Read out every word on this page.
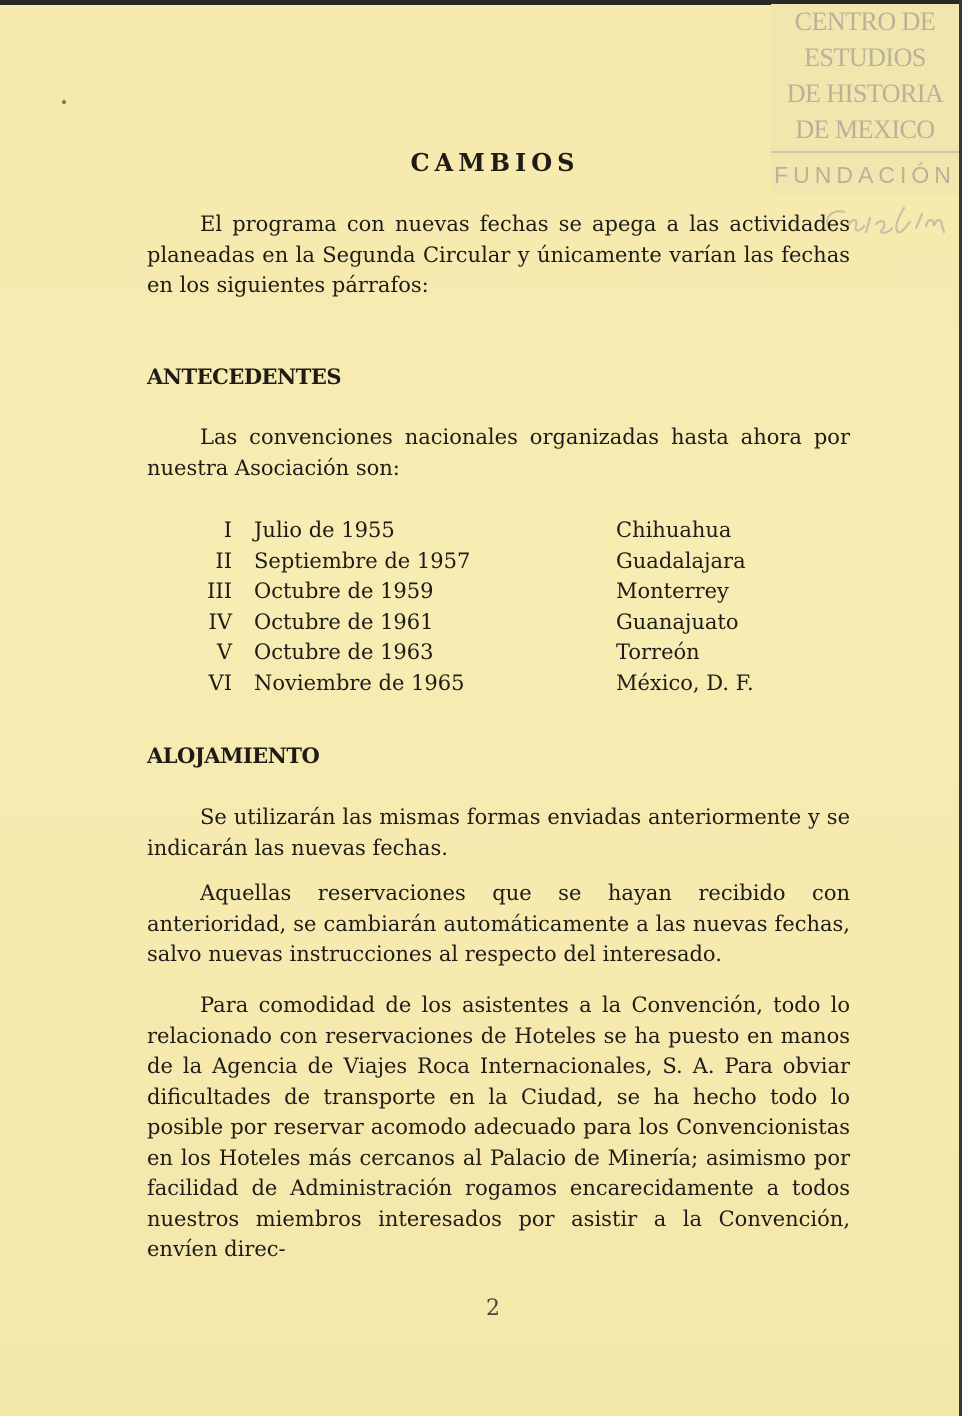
CENTRO DE
ESTUDIOS
DE HISTORIA
DE MEXICO
FUNDACIÓN
CAMBIOS

El programa con nuevas fechas se apega a las actividades planeadas en la Segunda Circular y únicamente varían las fechas en los siguientes párrafos:

ANTECEDENTES

Las convenciones nacionales organizadas hasta ahora por nuestra Asociación son:

I	Julio de 1955	Chihuahua
II	Septiembre de 1957	Guadalajara
III	Octubre de 1959	Monterrey
IV	Octubre de 1961	Guanajuato
V	Octubre de 1963	Torreón
VI	Noviembre de 1965	México, D. F.
ALOJAMIENTO

Se utilizarán las mismas formas enviadas anteriormente y se indicarán las nuevas fechas.

Aquellas reservaciones que se hayan recibido con anterioridad, se cambiarán automáticamente a las nuevas fechas, salvo nuevas instrucciones al respecto del interesado.

Para comodidad de los asistentes a la Convención, todo lo relacionado con reservaciones de Hoteles se ha puesto en manos de la Agencia de Viajes Roca Internacionales, S. A. Para obviar dificultades de transporte en la Ciudad, se ha hecho todo lo posible por reservar acomodo adecuado para los Convencionistas en los Hoteles más cercanos al Palacio de Minería; asimismo por facilidad de Administración rogamos encarecidamente a todos nuestros miembros interesados por asistir a la Convención, envíen direc-

2
